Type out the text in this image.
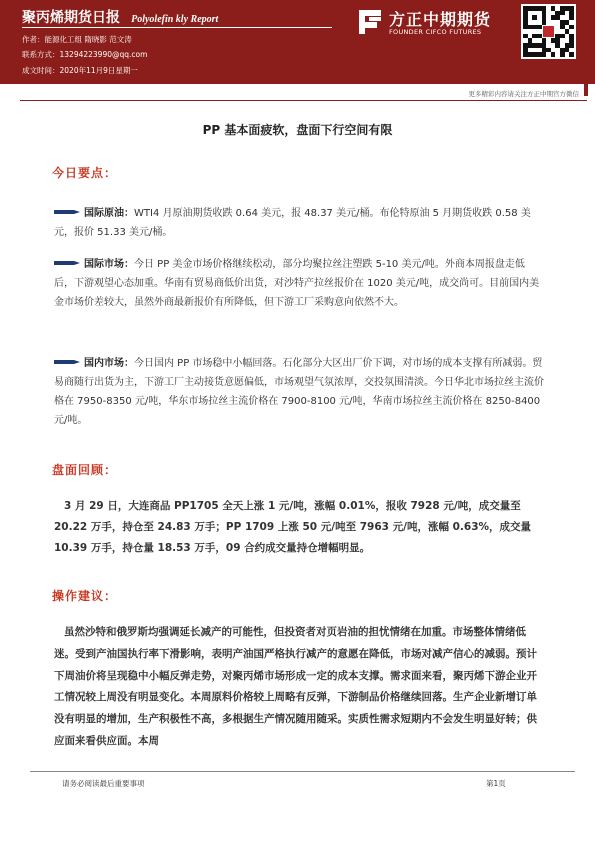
聚丙烯期货日报 Polyolefin kly Report
作者：能源化工组 隋晓影 范文涛
联系方式：13294223990@qq.com
成文时间：2020年11月9日星期一
方正中期期货
FOUNDER CIFCO FUTURES
更多精彩内容请关注方正中期官方微信
PP 基本面疲软，盘面下行空间有限
今日要点：
国际原油：WTI4 月原油期货收跌 0.64 美元，报 48.37 美元/桶。布伦特原油 5 月期货收跌 0.58 美元，报价 51.33 美元/桶。
国际市场：今日 PP 美金市场价格继续松动，部分均聚拉丝注塑跌 5-10 美元/吨。外商本周报盘走低后，下游观望心态加重。华南有贸易商低价出货，对沙特产拉丝报价在 1020 美元/吨，成交尚可。目前国内美金市场价差较大，虽然外商最新报价有所降低，但下游工厂采购意向依然不大。
国内市场：今日国内 PP 市场稳中小幅回落。石化部分大区出厂价下调，对市场的成本支撑有所减弱。贸易商随行出货为主，下游工厂主动接货意愿偏低，市场观望气氛浓厚，交投氛围清淡。今日华北市场拉丝主流价格在 7950-8350 元/吨，华东市场拉丝主流价格在 7900-8100 元/吨，华南市场拉丝主流价格在 8250-8400 元/吨。
盘面回顾：
3 月 29 日，大连商品 PP1705 全天上涨 1 元/吨，涨幅 0.01%，报收 7928 元/吨，成交量至 20.22 万手，持仓至 24.83 万手；PP 1709 上涨 50 元/吨至 7963 元/吨，涨幅 0.63%，成交量 10.39 万手，持仓量 18.53 万手，09 合约成交量持仓增幅明显。
操作建议：
虽然沙特和俄罗斯均强调延长减产的可能性，但投资者对页岩油的担忧情绪在加重。市场整体情绪低迷。受到产油国执行率下滑影响，表明产油国严格执行减产的意愿在降低，市场对减产信心的减弱。预计下周油价将呈现稳中小幅反弹走势，对聚丙烯市场形成一定的成本支撑。需求面来看，聚丙烯下游企业开工情况较上周没有明显变化。本周原料价格较上周略有反弹，下游制品价格继续回落。生产企业新增订单没有明显的增加，生产积极性不高，多根据生产情况随用随采。实质性需求短期内不会发生明显好转；供应面来看供应面。本周
请务必阅读最后重要事项	第1页
